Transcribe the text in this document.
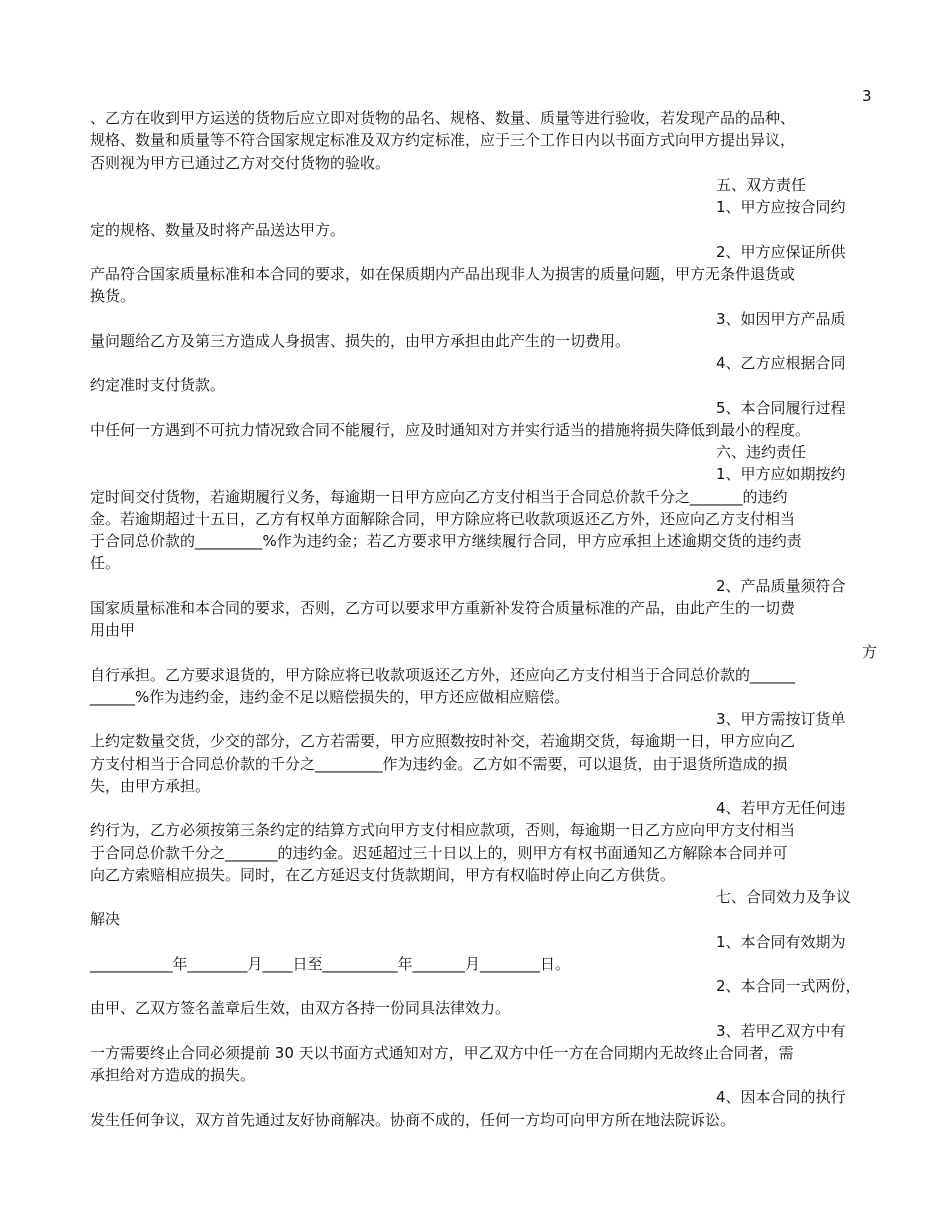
3
、乙方在收到甲方运送的货物后应立即对货物的品名、规格、数量、质量等进行验收，若发现产品的品种、
规格、数量和质量等不符合国家规定标准及双方约定标准，应于三个工作日内以书面方式向甲方提出异议，
否则视为甲方已通过乙方对交付货物的验收。
五、双方责任
1、甲方应按合同约
定的规格、数量及时将产品送达甲方。
2、甲方应保证所供
产品符合国家质量标准和本合同的要求，如在保质期内产品出现非人为损害的质量问题，甲方无条件退货或
换货。
3、如因甲方产品质
量问题给乙方及第三方造成人身损害、损失的，由甲方承担由此产生的一切费用。
4、乙方应根据合同
约定准时支付货款。
5、本合同履行过程
中任何一方遇到不可抗力情况致合同不能履行，应及时通知对方并实行适当的措施将损失降低到最小的程度。
六、违约责任
1、甲方应如期按约
定时间交付货物，若逾期履行义务，每逾期一日甲方应向乙方支付相当于合同总价款千分之_______的违约
金。若逾期超过十五日，乙方有权单方面解除合同，甲方除应将已收款项返还乙方外，还应向乙方支付相当
于合同总价款的_________%作为违约金；若乙方要求甲方继续履行合同，甲方应承担上述逾期交货的违约责
任。
2、产品质量须符合
国家质量标准和本合同的要求，否则，乙方可以要求甲方重新补发符合质量标准的产品，由此产生的一切费
用由甲
方
自行承担。乙方要求退货的，甲方除应将已收款项返还乙方外，还应向乙方支付相当于合同总价款的______
______%作为违约金，违约金不足以赔偿损失的，甲方还应做相应赔偿。
3、甲方需按订货单
上约定数量交货，少交的部分，乙方若需要，甲方应照数按时补交，若逾期交货，每逾期一日，甲方应向乙
方支付相当于合同总价款的千分之_________作为违约金。乙方如不需要，可以退货，由于退货所造成的损
失，由甲方承担。
4、若甲方无任何违
约行为，乙方必须按第三条约定的结算方式向甲方支付相应款项，否则，每逾期一日乙方应向甲方支付相当
于合同总价款千分之_______的违约金。迟延超过三十日以上的，则甲方有权书面通知乙方解除本合同并可
向乙方索赔相应损失。同时，在乙方延迟支付货款期间，甲方有权临时停止向乙方供货。
七、合同效力及争议
解决
1、本合同有效期为
___________年________月____日至__________年_______月________日。
2、本合同一式两份，
由甲、乙双方签名盖章后生效，由双方各持一份同具法律效力。
3、若甲乙双方中有
一方需要终止合同必须提前 30 天以书面方式通知对方，甲乙双方中任一方在合同期内无故终止合同者，需
承担给对方造成的损失。
4、因本合同的执行
发生任何争议，双方首先通过友好协商解决。协商不成的，任何一方均可向甲方所在地法院诉讼。
